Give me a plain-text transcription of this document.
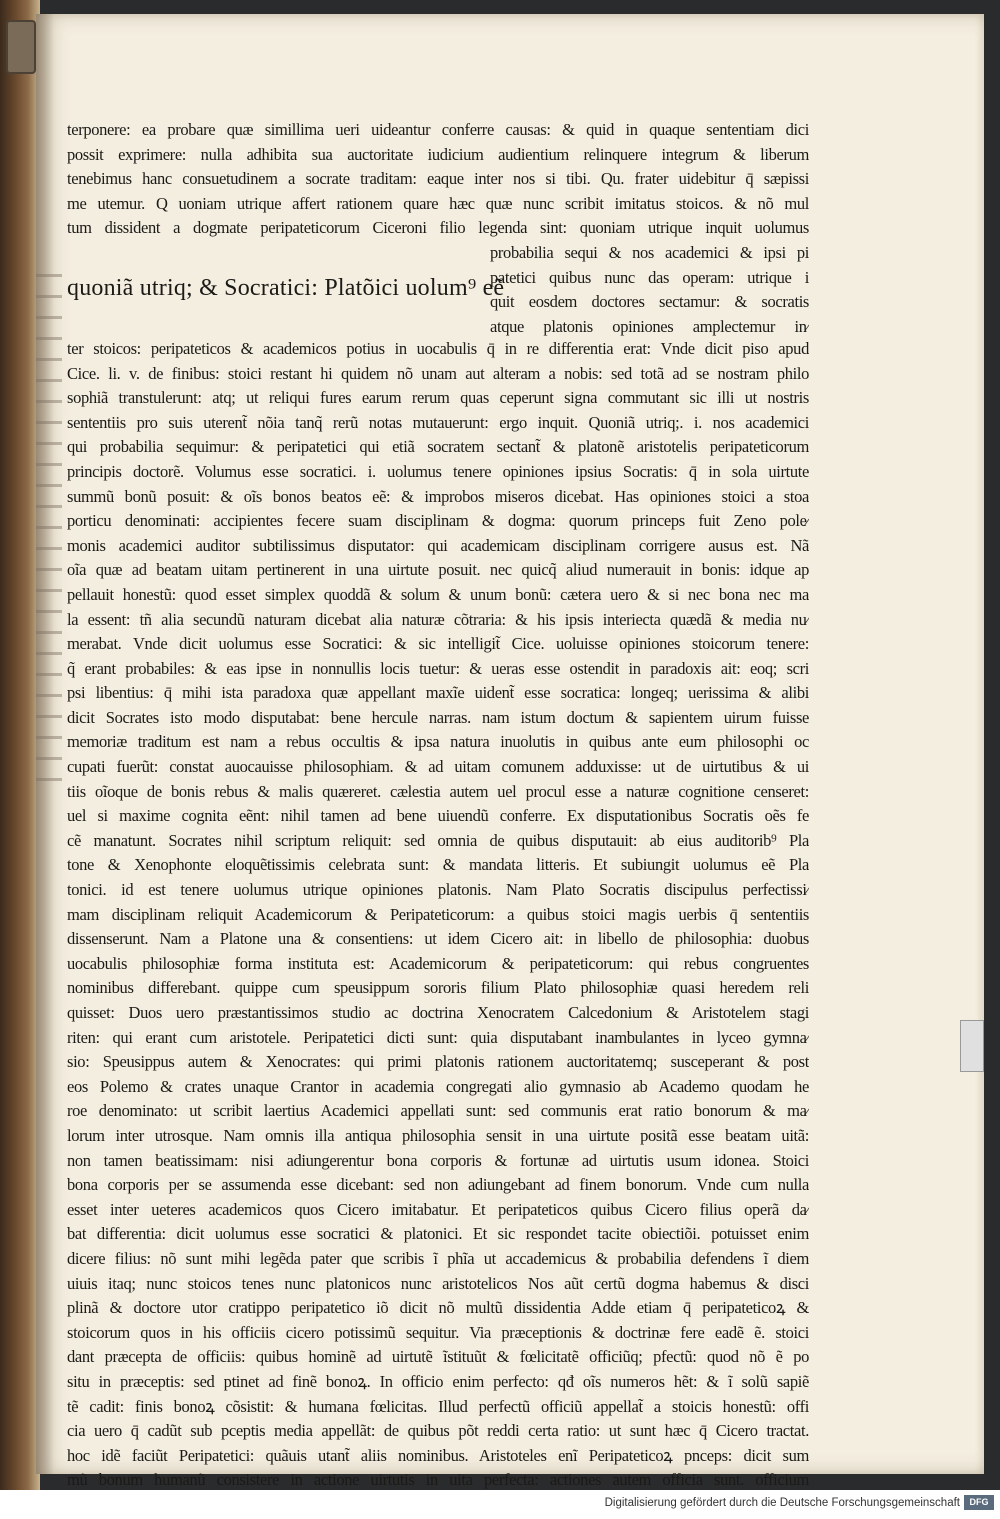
terponere: ea probare quæ simillima ueri uideantur conferre causas: & quid in quaque sententiam dici
possit exprimere: nulla adhibita sua auctoritate iudicium audientium relinquere integrum & liberum
tenebimus hanc consuetudinem a socrate traditam: eaque inter nos si tibi. Qu. frater uidebitur q̄ sæpissi
me utemur. Q uoniam utrique affert rationem quare hæc quæ nunc scribit imitatus stoicos. & nõ mul
tum dissident a dogmate peripateticorum Ciceroni filio legenda sint: quoniam utrique inquit uolumus
quoniã utriq; & Socratici: Platõici uolum⁹ eẽ
probabilia sequi & nos academici & ipsi pi
patetici quibus nunc das operam: utrique i
quit eosdem doctores sectamur: & socratis
atque platonis opiniones amplectemur in⁄
ter stoicos: peripateticos & academicos potius in uocabulis q̄ in re differentia erat: Vnde dicit piso apud
Cice. li. v. de finibus: stoici restant hi quidem nõ unam aut alteram a nobis: sed totã ad se nostram philo
sophiã transtulerunt: atq; ut reliqui fures earum rerum quas ceperunt signa commutant sic illi ut nostris
sententiis pro suis uterent̃ nõia tanq̃ rerũ notas mutauerunt: ergo inquit. Quoniã utriq;. i. nos academici
qui probabilia sequimur: & peripatetici qui etiã socratem sectant̃ & platonẽ aristotelis peripateticorum
principis doctorẽ. Volumus esse socratici. i. uolumus tenere opiniones ipsius Socratis: q̄ in sola uirtute
summũ bonũ posuit: & oĩs bonos beatos eẽ: & improbos miseros dicebat. Has opiniones stoici a stoa
porticu denominati: accipientes fecere suam disciplinam & dogma: quorum princeps fuit Zeno pole⁄
monis academici auditor subtilissimus disputator: qui academicam disciplinam corrigere ausus est. Nã
oĩa quæ ad beatam uitam pertinerent in una uirtute posuit. nec quicq̃ aliud numerauit in bonis: idque ap
pellauit honestũ: quod esset simplex quoddã & solum & unum bonũ: cætera uero & si nec bona nec ma
la essent: tñ alia secundũ naturam dicebat alia naturæ cõtraria: & his ipsis interiecta quædã & media nu⁄
merabat. Vnde dicit uolumus esse Socratici: & sic intelligit̃ Cice. uoluisse opiniones stoicorum tenere:
q̃ erant probabiles: & eas ipse in nonnullis locis tuetur: & ueras esse ostendit in paradoxis ait: eoq; scri
psi libentius: q̄ mihi ista paradoxa quæ appellant maxĩe uident̃ esse socratica: longeq; uerissima & alibi
dicit Socrates isto modo disputabat: bene hercule narras. nam istum doctum & sapientem uirum fuisse
memoriæ traditum est nam a rebus occultis & ipsa natura inuolutis in quibus ante eum philosophi oc
cupati fuerũt: constat auocauisse philosophiam. & ad uitam comunem adduxisse: ut de uirtutibus & ui
tiis oĩoque de bonis rebus & malis quæreret. cælestia autem uel procul esse a naturæ cognitione censeret:
uel si maxime cognita eẽnt: nihil tamen ad bene uiuendũ conferre. Ex disputationibus Socratis oẽs fe
cẽ manatunt. Socrates nihil scriptum reliquit: sed omnia de quibus disputauit: ab eius auditorib⁹ Pla
tone & Xenophonte eloquẽtissimis celebrata sunt: & mandata litteris. Et subiungit uolumus eẽ Pla
tonici. id est tenere uolumus utrique opiniones platonis. Nam Plato Socratis discipulus perfectissi⁄
mam disciplinam reliquit Academicorum & Peripateticorum: a quibus stoici magis uerbis q̄ sententiis
dissenserunt. Nam a Platone una & consentiens: ut idem Cicero ait: in libello de philosophia: duobus
uocabulis philosophiæ forma instituta est: Academicorum & peripateticorum: qui rebus congruentes
nominibus differebant. quippe cum speusippum sororis filium Plato philosophiæ quasi heredem reli
quisset: Duos uero præstantissimos studio ac doctrina Xenocratem Calcedonium & Aristotelem stagi
riten: qui erant cum aristotele. Peripatetici dicti sunt: quia disputabant inambulantes in lyceo gymna⁄
sio: Speusippus autem & Xenocrates: qui primi platonis rationem auctoritatemq; susceperant & post
eos Polemo & crates unaque Crantor in academia congregati alio gymnasio ab Academo quodam he
roe denominato: ut scribit laertius Academici appellati sunt: sed communis erat ratio bonorum & ma⁄
lorum inter utrosque. Nam omnis illa antiqua philosophia sensit in una uirtute positã esse beatam uitã:
non tamen beatissimam: nisi adiungerentur bona corporis & fortunæ ad uirtutis usum idonea. Stoici
bona corporis per se assumenda esse dicebant: sed non adiungebant ad finem bonorum. Vnde cum nulla
esset inter ueteres academicos quos Cicero imitabatur. Et peripateticos quibus Cicero filius operã da⁄
bat differentia: dicit uolumus esse socratici & platonici. Et sic respondet tacite obiectiõi. potuisset enim
dicere filius: nõ sunt mihi legẽda pater que scribis ĩ phĩa ut accademicus & probabilia defendens ĩ diem
uiuis itaq; nunc stoicos tenes nunc platonicos nunc aristotelicos Nos aũt certũ dogma habemus & disci
plinã & doctore utor cratippo peripatetico iõ dicit nõ multũ dissidentia Adde etiam q̄ peripateticoꝝ &
stoicorum quos in his officiis cicero potissimũ sequitur. Via præceptionis & doctrinæ fere eadẽ ẽ. stoici
dant præcepta de officiis: quibus hominẽ ad uirtutẽ ĩstituũt & fœlicitatẽ officiũq; pfectũ: quod nõ ẽ po
situ in præceptis: sed ptinet ad finẽ bonoꝝ. In officio enim perfecto: qđ oĩs numeros hẽt: & ĩ solũ sapiẽ
tẽ cadit: finis bonoꝝ cõsistit: & humana fœlicitas. Illud perfectũ officiũ appellat̃ a stoicis honestũ: offi
cia uero q̄ cadũt sub pceptis media appellãt: de quibus põt reddi certa ratio: ut sunt hæc q̄ Cicero tractat.
hoc idẽ faciũt Peripatetici: quãuis utant̃ aliis nominibus. Aristoteles enĩ Peripateticoꝝ pnceps: dicit sum
mũ bonum humanũ consistere in actione uirtutis in uita perfecta: actiones autem officia sunt. officium
Digitalisierung gefördert durch die Deutsche Forschungsgemeinschaft	DFG
